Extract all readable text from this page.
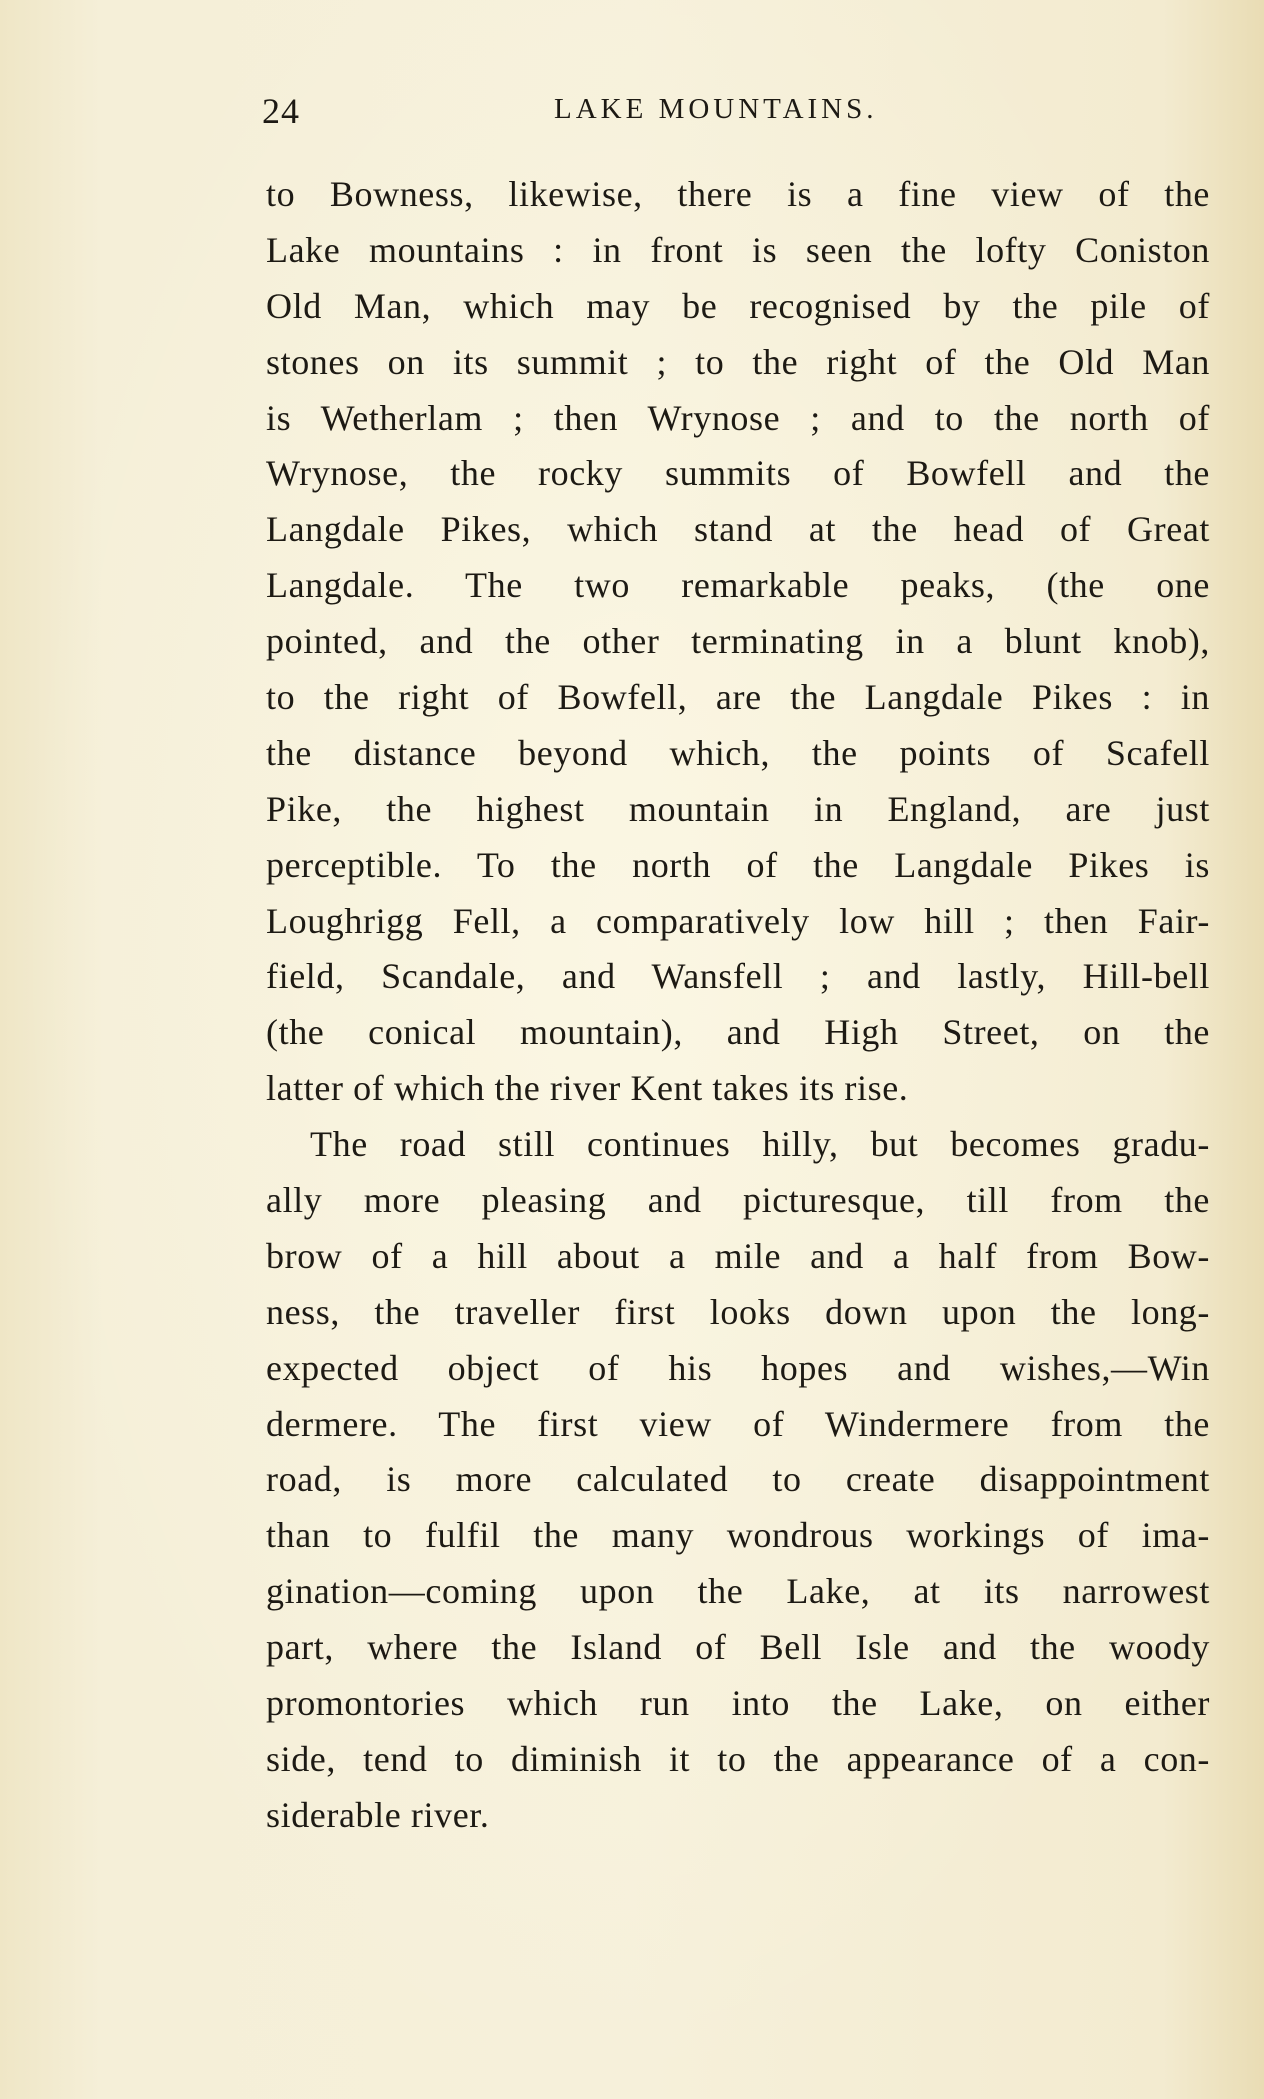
24	LAKE MOUNTAINS.
to Bowness, likewise, there is a fine view of the
Lake mountains : in front is seen the lofty Coniston
Old Man, which may be recognised by the pile of
stones on its summit ; to the right of the Old Man
is Wetherlam ; then Wrynose ; and to the north of
Wrynose, the rocky summits of Bowfell and the
Langdale Pikes, which stand at the head of Great
Langdale. The two remarkable peaks, (the one
pointed, and the other terminating in a blunt knob),
to the right of Bowfell, are the Langdale Pikes : in
the distance beyond which, the points of Scafell
Pike, the highest mountain in England, are just
perceptible. To the north of the Langdale Pikes is
Loughrigg Fell, a comparatively low hill ; then Fair-
field, Scandale, and Wansfell ; and lastly, Hill-bell
(the conical mountain), and High Street, on the
latter of which the river Kent takes its rise.
The road still continues hilly, but becomes gradu-
ally more pleasing and picturesque, till from the
brow of a hill about a mile and a half from Bow-
ness, the traveller first looks down upon the long-
expected object of his hopes and wishes,—Win
dermere. The first view of Windermere from the
road, is more calculated to create disappointment
than to fulfil the many wondrous workings of ima-
gination—coming upon the Lake, at its narrowest
part, where the Island of Bell Isle and the woody
promontories which run into the Lake, on either
side, tend to diminish it to the appearance of a con-
siderable river.
